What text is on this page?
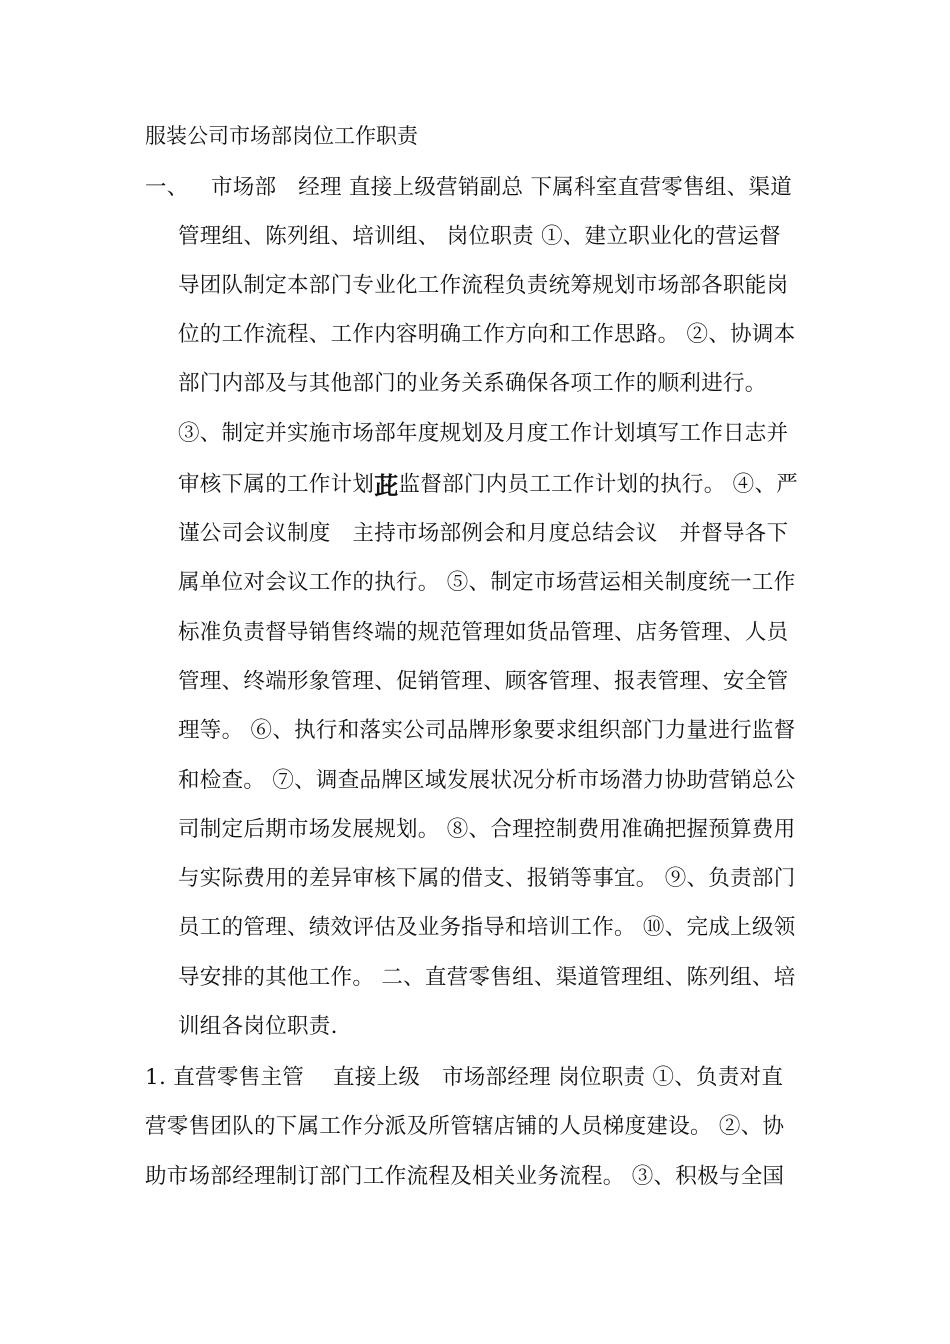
服装公司市场部岗位工作职责
一、 市场部　经理 直接上级营销副总 下属科室直营零售组、渠道
管理组、陈列组、培训组、 岗位职责 ①、建立职业化的营运督
导团队制定本部门专业化工作流程负责统筹规划市场部各职能岗
位的工作流程、工作内容明确工作方向和工作思路。 ②、协调本
部门内部及与其他部门的业务关系确保各项工作的顺利进行。
③、制定并实施市场部年度规划及月度工作计划填写工作日志并
审核下属的工作计划茈监督部门内员工工作计划的执行。 ④、严
谨公司会议制度　主持市场部例会和月度总结会议　并督导各下
属单位对会议工作的执行。 ⑤、制定市场营运相关制度统一工作
标准负责督导销售终端的规范管理如货品管理、店务管理、人员
管理、终端形象管理、促销管理、顾客管理、报表管理、安全管
理等。 ⑥、执行和落实公司品牌形象要求组织部门力量进行监督
和检查。 ⑦、调查品牌区域发展状况分析市场潜力协助营销总公
司制定后期市场发展规划。 ⑧、合理控制费用准确把握预算费用
与实际费用的差异审核下属的借支、报销等事宜。 ⑨、负责部门
员工的管理、绩效评估及业务指导和培训工作。 ⑩、完成上级领
导安排的其他工作。 二、直营零售组、渠道管理组、陈列组、培
训组各岗位职责.
1. 直营零售主管　 直接上级　市场部经理 岗位职责 ①、负责对直
营零售团队的下属工作分派及所管辖店铺的人员梯度建设。 ②、协
助市场部经理制订部门工作流程及相关业务流程。 ③、积极与全国
